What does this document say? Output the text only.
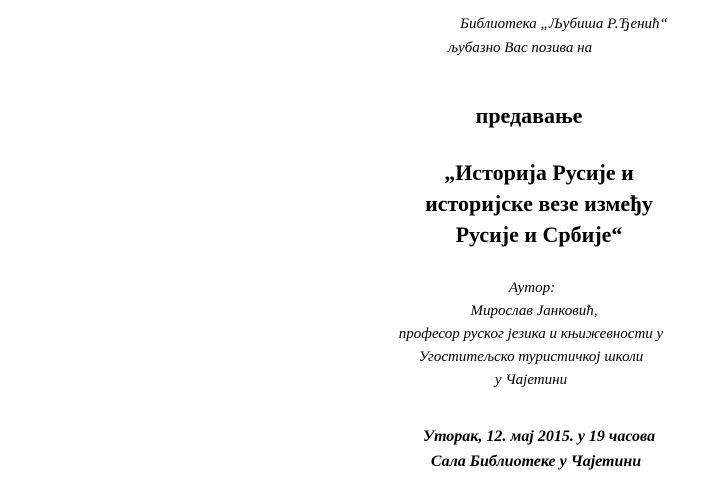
Библиотека „Љубиша Р.Ђенић“
љубазно Вас позива на
предавање
„Историја Русије и
историјске везе између
Русије и Србије“
Аутор:
Мирослав Јанковић,
професор руског језика и књижевности у
Угоститељско туристичкој школи
у Чајетини
Уторак, 12. мај 2015. у 19 часова
Сала Библиотеке у Чајетини
